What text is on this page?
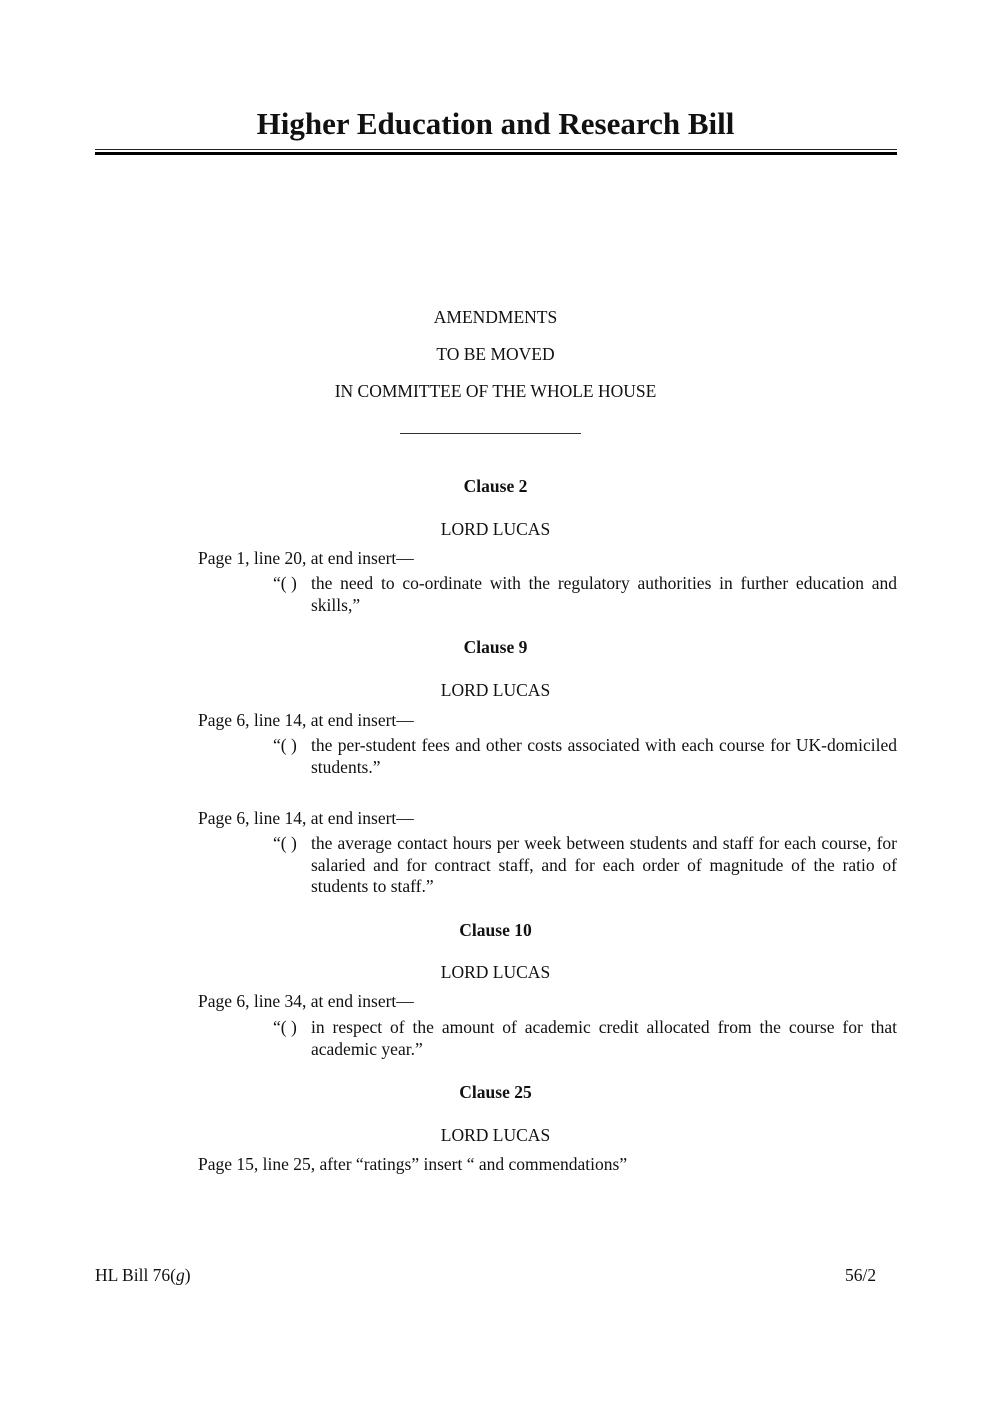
Higher Education and Research Bill
AMENDMENTS
TO BE MOVED
IN COMMITTEE OF THE WHOLE HOUSE
Clause 2
LORD LUCAS
Page 1, line 20, at end insert—
“( ) the need to co-ordinate with the regulatory authorities in further education and skills,”
Clause 9
LORD LUCAS
Page 6, line 14, at end insert—
“( ) the per-student fees and other costs associated with each course for UK-domiciled students.”
Page 6, line 14, at end insert—
“( ) the average contact hours per week between students and staff for each course, for salaried and for contract staff, and for each order of magnitude of the ratio of students to staff.”
Clause 10
LORD LUCAS
Page 6, line 34, at end insert—
“( ) in respect of the amount of academic credit allocated from the course for that academic year.”
Clause 25
LORD LUCAS
Page 15, line 25, after “ratings” insert “ and commendations”
HL Bill 76(g)	56/2
